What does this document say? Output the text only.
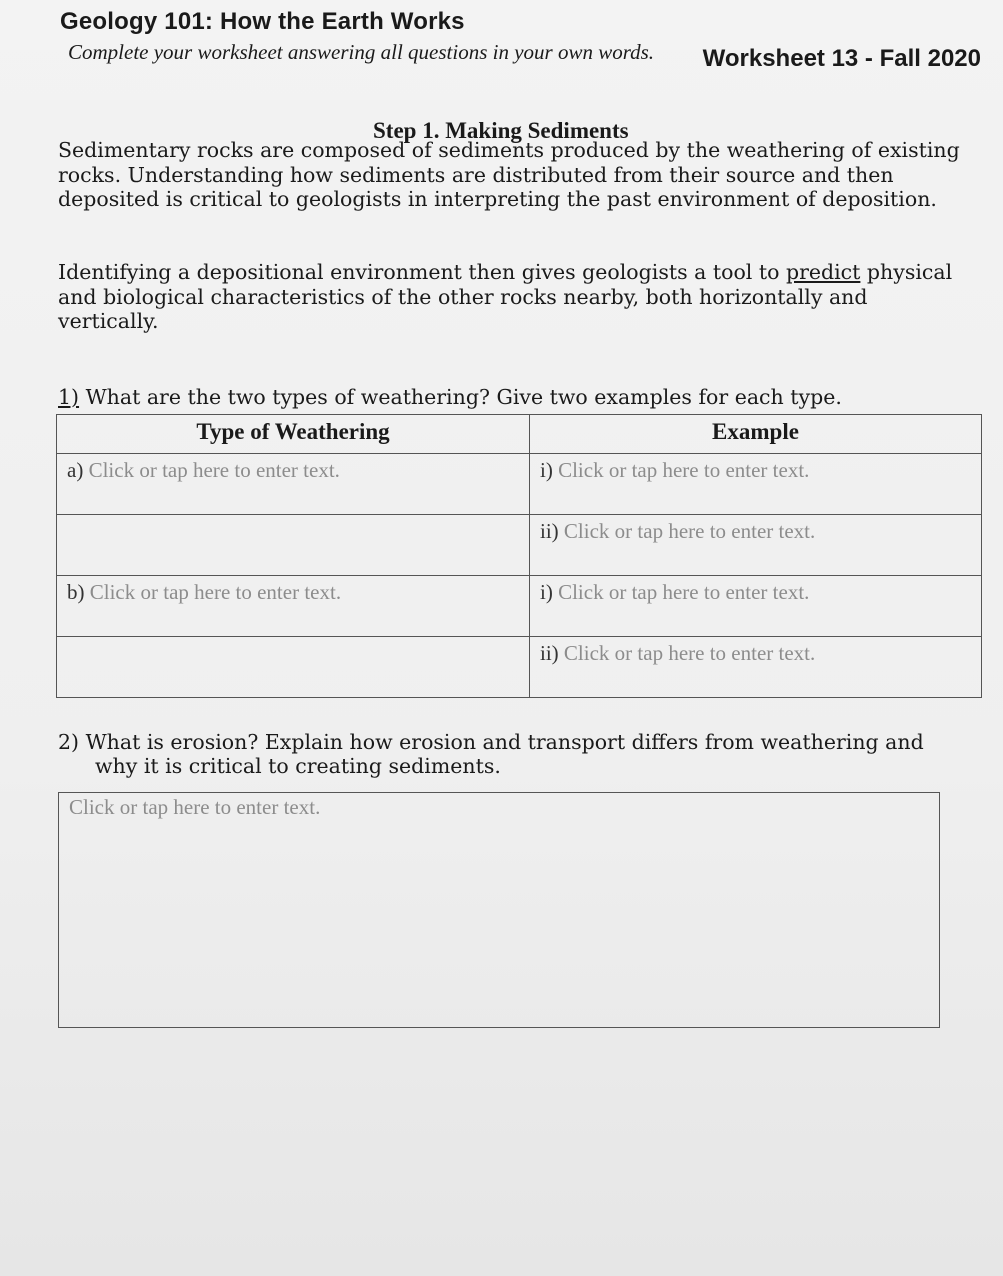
Geology 101: How the Earth Works
Complete your worksheet answering all questions in your own words. Worksheet 13 - Fall 2020
Step 1. Making Sediments

Sedimentary rocks are composed of sediments produced by the weathering of existing rocks. Understanding how sediments are distributed from their source and then deposited is critical to geologists in interpreting the past environment of deposition.

Identifying a depositional environment then gives geologists a tool to predict physical and biological characteristics of the other rocks nearby, both horizontally and vertically.

1) What are the two types of weathering? Give two examples for each type.

Type of Weathering	Example
a) Click or tap here to enter text.	i) Click or tap here to enter text.
	ii) Click or tap here to enter text.
b) Click or tap here to enter text.	i) Click or tap here to enter text.
	ii) Click or tap here to enter text.

2) What is erosion? Explain how erosion and transport differs from weathering and
why it is critical to creating sediments.

Click or tap here to enter text.
